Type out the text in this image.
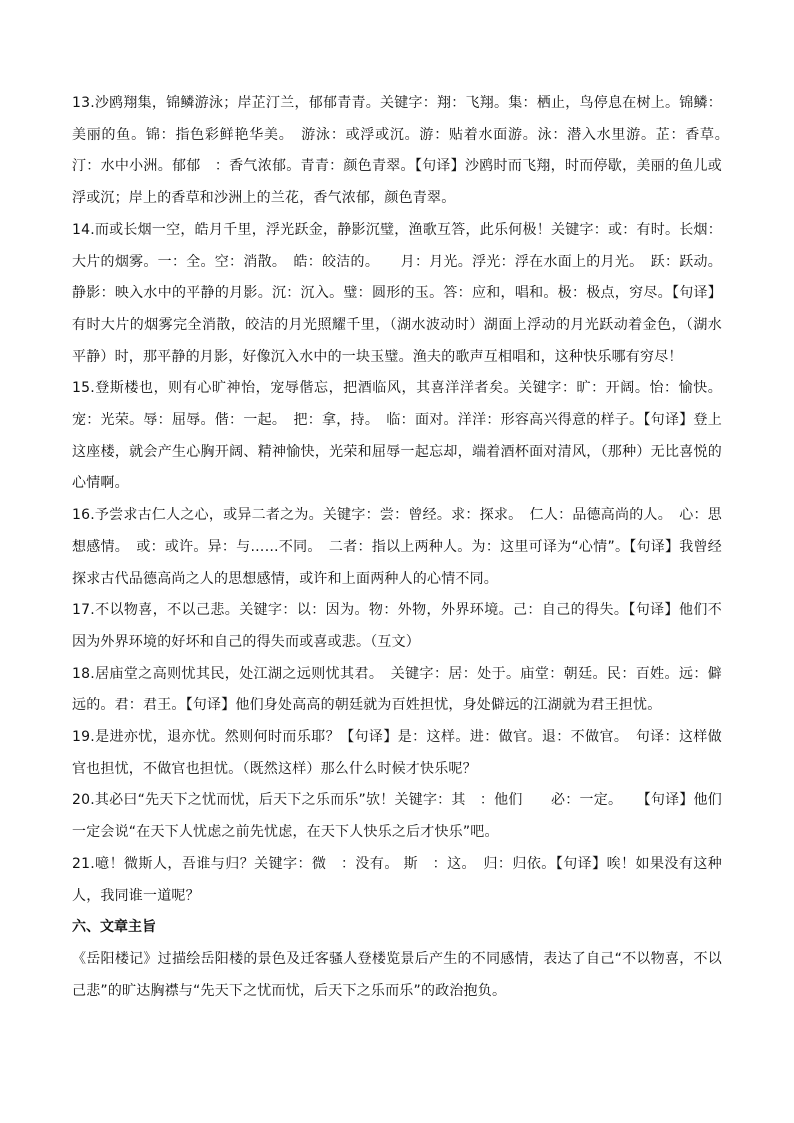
13.沙鸥翔集，锦鳞游泳；岸芷汀兰，郁郁青青。关键字：翔：飞翔。集：栖止，鸟停息在树上。锦鳞：美丽的鱼。锦：指色彩鲜艳华美。　游泳：或浮或沉。游：贴着水面游。泳：潜入水里游。芷：香草。　汀：水中小洲。郁郁　：香气浓郁。青青：颜色青翠。【句译】沙鸥时而飞翔，时而停歇，美丽的鱼儿或浮或沉；岸上的香草和沙洲上的兰花，香气浓郁，颜色青翠。

14.而或长烟一空，皓月千里，浮光跃金，静影沉璧，渔歌互答，此乐何极！关键字：或：有时。长烟：大片的烟雾。一：全。空：消散。　皓：皎洁的。　　月：月光。浮光：浮在水面上的月光。　跃：跃动。静影：映入水中的平静的月影。沉：沉入。璧：圆形的玉。答：应和，唱和。极：极点，穷尽。【句译】有时大片的烟雾完全消散，皎洁的月光照耀千里，（湖水波动时）湖面上浮动的月光跃动着金色，（湖水平静）时，那平静的月影，好像沉入水中的一块玉璧。渔夫的歌声互相唱和，这种快乐哪有穷尽！

15.登斯楼也，则有心旷神怡，宠辱偕忘，把酒临风，其喜洋洋者矣。关键字：旷：开阔。怡：愉快。宠：光荣。辱：屈辱。偕：一起。　把：拿，持。　临：面对。洋洋：形容高兴得意的样子。【句译】登上这座楼，就会产生心胸开阔、精神愉快，光荣和屈辱一起忘却，端着酒杯面对清风，（那种）无比喜悦的心情啊。

16.予尝求古仁人之心，或异二者之为。关键字：尝：曾经。求：探求。　仁人：品德高尚的人。　心：思想感情。　或：或许。异：与……不同。　二者：指以上两种人。为：这里可译为“心情”。【句译】我曾经探求古代品德高尚之人的思想感情，或许和上面两种人的心情不同。

17.不以物喜，不以己悲。关键字：以：因为。物：外物，外界环境。己：自己的得失。【句译】他们不因为外界环境的好坏和自己的得失而或喜或悲。（互文）

18.居庙堂之高则忧其民，处江湖之远则忧其君。　关键字：居：处于。庙堂：朝廷。民：百姓。远：僻远的。君：君王。【句译】他们身处高高的朝廷就为百姓担忧，身处僻远的江湖就为君王担忧。

19.是进亦忧，退亦忧。然则何时而乐耶？【句译】是：这样。进：做官。退：不做官。　句译：这样做官也担忧，不做官也担忧。（既然这样）那么什么时候才快乐呢？

20.其必曰“先天下之忧而忧，后天下之乐而乐”欤！关键字：其　：他们　　必：一定。　　【句译】他们一定会说“在天下人忧虑之前先忧虑，在天下人快乐之后才快乐”吧。

21.噫！微斯人，吾谁与归？关键字：微　：没有。 斯　：这。　归：归依。【句译】唉！如果没有这种人，我同谁一道呢？

六、文章主旨

《岳阳楼记》过描绘岳阳楼的景色及迁客骚人登楼览景后产生的不同感情，表达了自己“不以物喜，不以己悲”的旷达胸襟与“先天下之忧而忧，后天下之乐而乐”的政治抱负。
